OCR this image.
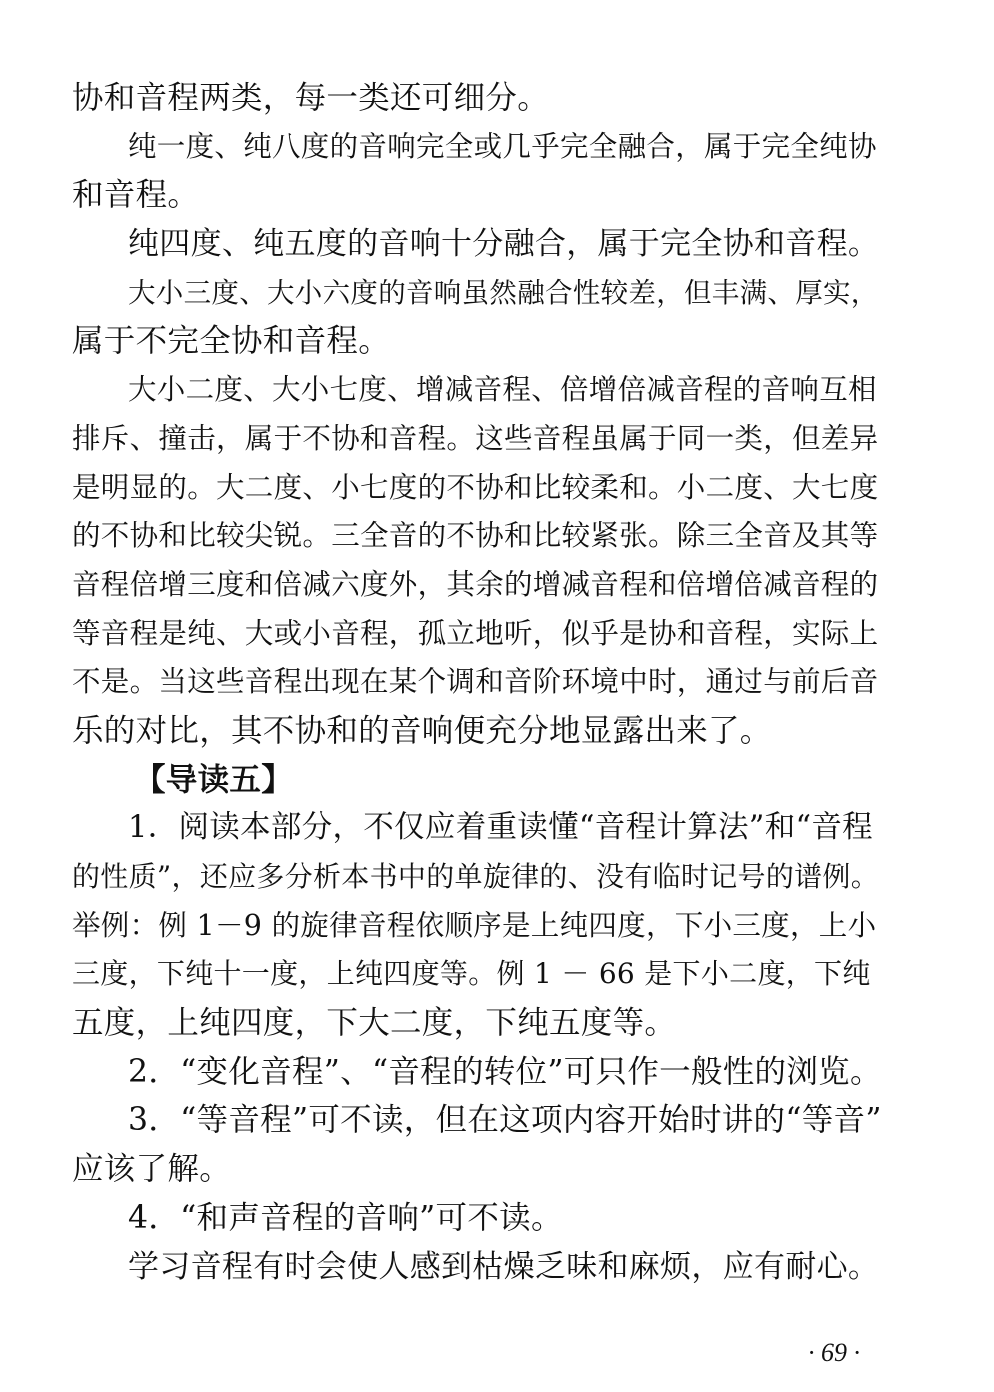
协和音程两类，每一类还可细分。
纯一度、纯八度的音响完全或几乎完全融合，属于完全纯协
和音程。
纯四度、纯五度的音响十分融合，属于完全协和音程。
大小三度、大小六度的音响虽然融合性较差，但丰满、厚实，
属于不完全协和音程。
大小二度、大小七度、增减音程、倍增倍减音程的音响互相
排斥、撞击，属于不协和音程。这些音程虽属于同一类，但差异
是明显的。大二度、小七度的不协和比较柔和。小二度、大七度
的不协和比较尖锐。三全音的不协和比较紧张。除三全音及其等
音程倍增三度和倍减六度外，其余的增减音程和倍增倍减音程的
等音程是纯、大或小音程，孤立地听，似乎是协和音程，实际上
不是。当这些音程出现在某个调和音阶环境中时，通过与前后音
乐的对比，其不协和的音响便充分地显露出来了。
【导读五】
1．阅读本部分，不仅应着重读懂“音程计算法”和“音程
的性质”，还应多分析本书中的单旋律的、没有临时记号的谱例。
举例：例 1－9 的旋律音程依顺序是上纯四度，下小三度，上小
三度，下纯十一度，上纯四度等。例 1 － 66 是下小二度，下纯
五度，上纯四度，下大二度，下纯五度等。
2．“变化音程”、“音程的转位”可只作一般性的浏览。
3．“等音程”可不读，但在这项内容开始时讲的“等音”
应该了解。
4．“和声音程的音响”可不读。
学习音程有时会使人感到枯燥乏味和麻烦，应有耐心。
· 69 ·
